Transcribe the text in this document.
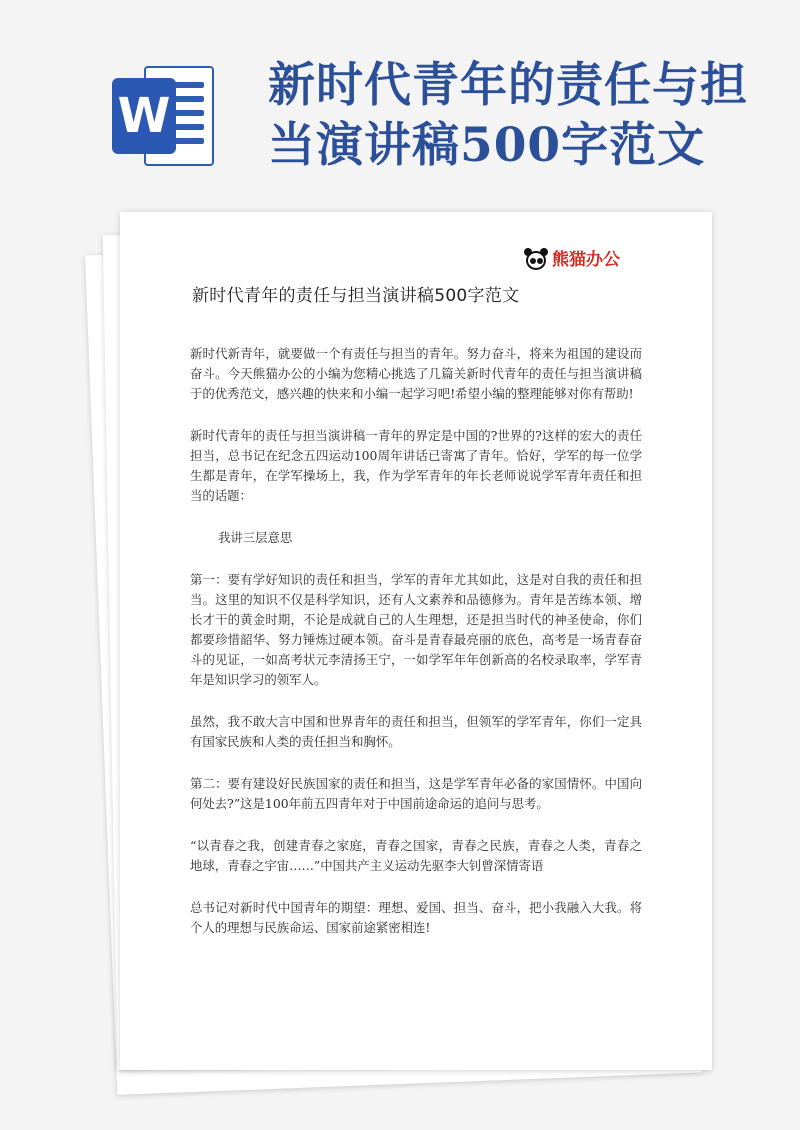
W
新时代青年的责任与担
当演讲稿500字范文
熊猫办公
新时代青年的责任与担当演讲稿500字范文

新时代新青年，就要做一个有责任与担当的青年。努力奋斗，将来为祖国的建设而奋斗。今天熊猫办公的小编为您精心挑选了几篇关新时代青年的责任与担当演讲稿于的优秀范文，感兴趣的快来和小编一起学习吧!希望小编的整理能够对你有帮助!

新时代青年的责任与担当演讲稿一青年的界定是中国的?世界的?这样的宏大的责任担当，总书记在纪念五四运动100周年讲话已寄寓了青年。恰好，学军的每一位学生都是青年，在学军操场上，我，作为学军青年的年长老师说说学军青年责任和担当的话题：

我讲三层意思

第一：要有学好知识的责任和担当，学军的青年尤其如此，这是对自我的责任和担当。这里的知识不仅是科学知识，还有人文素养和品德修为。青年是苦练本领、增长才干的黄金时期，不论是成就自己的人生理想，还是担当时代的神圣使命，你们都要珍惜韶华、努力锤炼过硬本领。奋斗是青春最亮丽的底色，高考是一场青春奋斗的见证，一如高考状元李清扬王宁，一如学军年年创新高的名校录取率，学军青年是知识学习的领军人。

虽然，我不敢大言中国和世界青年的责任和担当，但领军的学军青年，你们一定具有国家民族和人类的责任担当和胸怀。

第二：要有建设好民族国家的责任和担当，这是学军青年必备的家国情怀。中国向何处去?”这是100年前五四青年对于中国前途命运的追问与思考。

“以青春之我，创建青春之家庭，青春之国家，青春之民族，青春之人类，青春之地球，青春之宇宙……”中国共产主义运动先驱李大钊曾深情寄语

总书记对新时代中国青年的期望：理想、爱国、担当、奋斗，把小我融入大我。将个人的理想与民族命运、国家前途紧密相连!
